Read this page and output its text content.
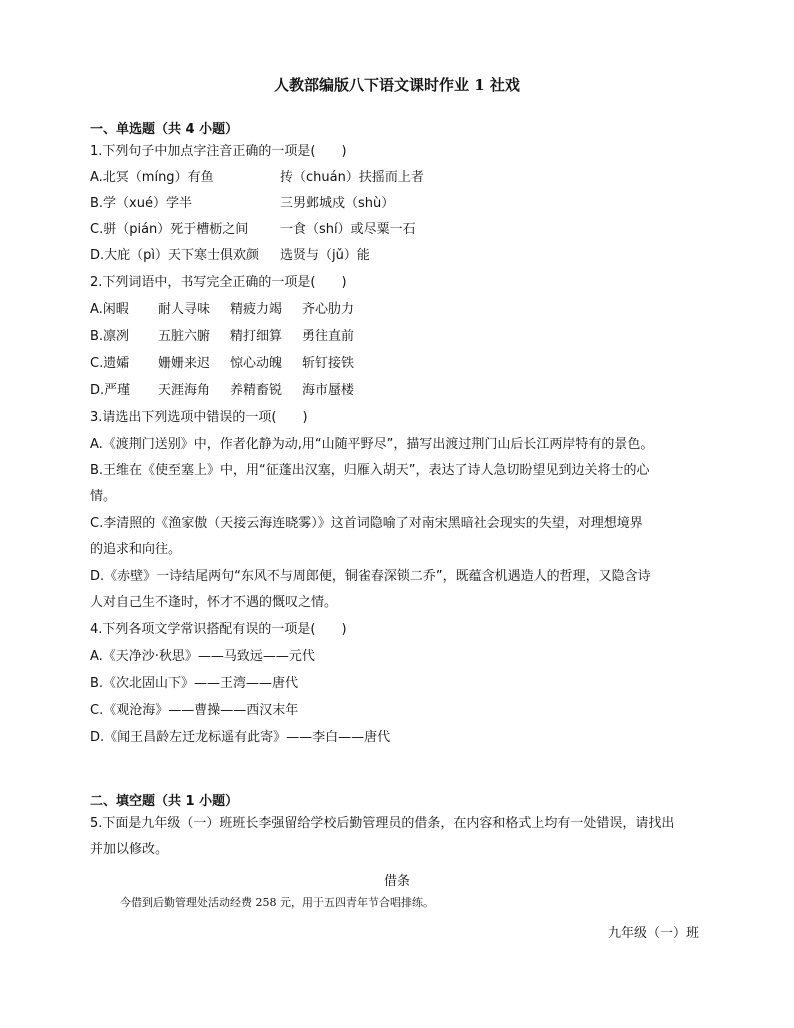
人教部编版八下语文课时作业 1 社戏
一、单选题（共 4 小题）
1.下列句子中加点字注音正确的一项是(　　)
A.北冥（míng）有鱼	抟（chuán）扶摇而上者
B.学（xué）学半	三男邺城戍（shù）
C.骈（pián）死于槽枥之间	一食（shí）或尽粟一石
D.大庇（pì）天下寒士俱欢颜	选贤与（jǔ）能
2.下列词语中，书写完全正确的一项是(　　)
A.闲暇 耐人寻味 精疲力竭 齐心肋力
B.凛冽 五脏六腑 精打细算 勇往直前
C.遗孀 姗姗来迟 惊心动魄 斩钉接铁
D.严瑾 天涯海角 养精畜锐 海市蜃楼
3.请选出下列选项中错误的一项(　　)
A.《渡荆门送别》中，作者化静为动,用“山随平野尽”，描写出渡过荆门山后长江两岸特有的景色。
B.王维在《使至塞上》中，用“征蓬出汉塞，归雁入胡天”，表达了诗人急切盼望见到边关将士的心
情。
C.李清照的《渔家傲（天接云海连晓雾）》这首词隐喻了对南宋黑暗社会现实的失望，对理想境界
的追求和向往。
D.《赤壁》一诗结尾两句“东风不与周郎便，铜雀春深锁二乔”，既蕴含机遇造人的哲理，又隐含诗
人对自己生不逢时，怀才不遇的慨叹之情。
4.下列各项文学常识搭配有误的一项是(　　)
A.《天净沙·秋思》——马致远——元代
B.《次北固山下》——王湾——唐代
C.《观沧海》——曹操——西汉末年
D.《闻王昌龄左迁龙标遥有此寄》——李白——唐代
二、填空题（共 1 小题）
5.下面是九年级（一）班班长李强留给学校后勤管理员的借条，在内容和格式上均有一处错误，请找出
并加以修改。
借条
今借到后勤管理处活动经费 258 元，用于五四青年节合唱排练。
九年级（一）班
